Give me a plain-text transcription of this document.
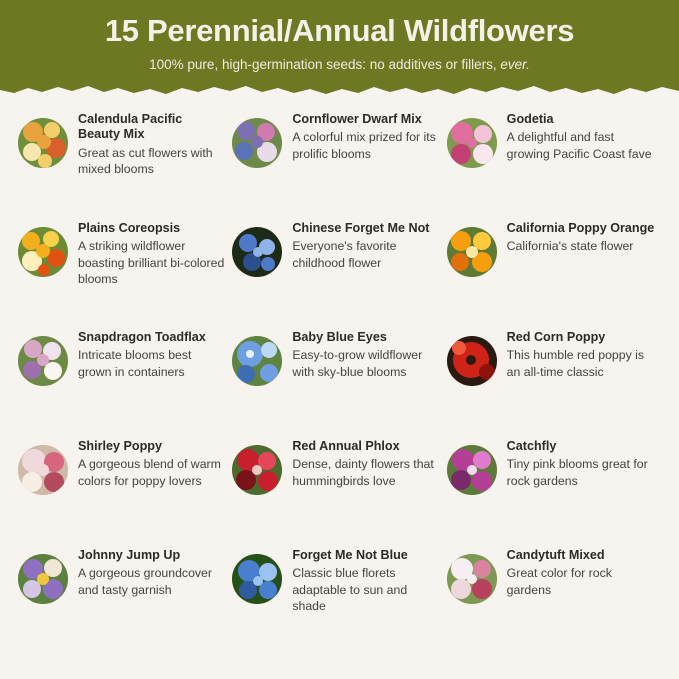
15 Perennial/Annual Wildflowers
100% pure, high-germination seeds: no additives or fillers, ever.

Calendula Pacific Beauty Mix

Great as cut flowers with mixed blooms

Cornflower Dwarf Mix

A colorful mix prized for its prolific blooms

Godetia

A delightful and fast growing Pacific Coast fave

Plains Coreopsis

A striking wildflower boasting brilliant bi-colored blooms

Chinese Forget Me Not

Everyone's favorite childhood flower

California Poppy Orange

California's state flower

Snapdragon Toadflax

Intricate blooms best grown in containers

Baby Blue Eyes

Easy-to-grow wildflower with sky-blue blooms

Red Corn Poppy

This humble red poppy is an all-time classic

Shirley Poppy

A gorgeous blend of warm colors for poppy lovers

Red Annual Phlox

Dense, dainty flowers that hummingbirds love

Catchfly

Tiny pink blooms great for rock gardens

Johnny Jump Up

A gorgeous groundcover and tasty garnish

Forget Me Not Blue

Classic blue florets adaptable to sun and shade

Candytuft Mixed

Great color for rock gardens
